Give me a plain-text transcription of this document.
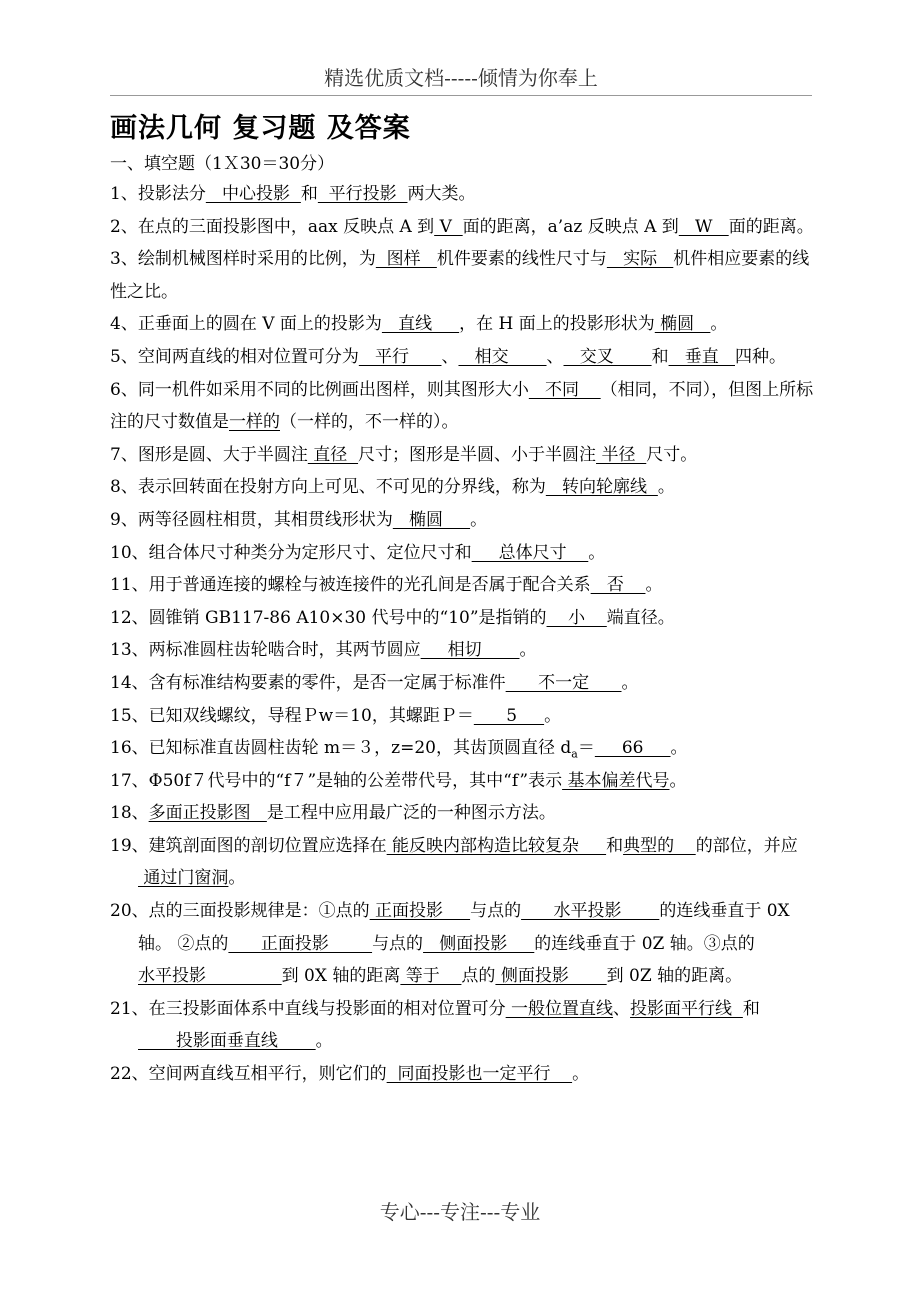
精选优质文档-----倾情为你奉上
画法几何 复习题 及答案
一、填空题（1Ｘ30＝30分）

1、投影法分   中心投影  和  平行投影  两大类。

2、在点的三面投影图中，aax 反映点 A 到 V  面的距离，a’az 反映点 A 到   W   面的距离。

3、绘制机械图样时采用的比例，为  图样   机件要素的线性尺寸与   实际   机件相应要素的线性之比。

4、正垂面上的圆在 V 面上的投影为   直线     ，在 H 面上的投影形状为 椭圆   。

5、空间两直线的相对位置可分为   平行      、   相交       、   交叉       和   垂直   四种。

6、同一机件如采用不同的比例画出图样，则其图形大小   不同    （相同，不同），但图上所标注的尺寸数值是一样的（一样的，不一样的）。

7、图形是圆、大于半圆注 直径  尺寸；图形是半圆、小于半圆注 半径  尺寸。

8、表示回转面在投射方向上可见、不可见的分界线，称为   转向轮廓线  。

9、两等径圆柱相贯，其相贯线形状为   椭圆     。

10、组合体尺寸种类分为定形尺寸、定位尺寸和     总体尺寸    。

11、用于普通连接的螺栓与被连接件的光孔间是否属于配合关系   否    。

12、圆锥销 GB117-86 A10×30 代号中的“10”是指销的    小    端直径。

13、两标准圆柱齿轮啮合时，其两节圆应     相切       。

14、含有标准结构要素的零件，是否一定属于标准件      不一定      。

15、已知双线螺纹，导程Ｐw＝10，其螺距Ｐ＝      5     。

16、已知标准直齿圆柱齿轮 m＝３，z=20，其齿顶圆直径 $d_a=$     66     。

17、Φ50f７代号中的“f７”是轴的公差带代号，其中“f”表示 基本偏差代号。

18、多面正投影图   是工程中应用最广泛的一种图示方法。

19、建筑剖面图的剖切位置应选择在 能反映内部构造比较复杂     和典型的    的部位，并应 通过门窗洞。

20、点的三面投影规律是：①点的 正面投影     与点的      水平投影       的连线垂直于 0X 轴。 ②点的      正面投影        与点的   侧面投影     的连线垂直于 0Z 轴。③点的水平投影              到 0X 轴的距离 等于    点的 侧面投影       到 0Z 轴的距离。

21、在三投影面体系中直线与投影面的相对位置可分 一般位置直线、投影面平行线  和       投影面垂直线       。

22、空间两直线互相平行，则它们的  同面投影也一定平行    。

专心---专注---专业
